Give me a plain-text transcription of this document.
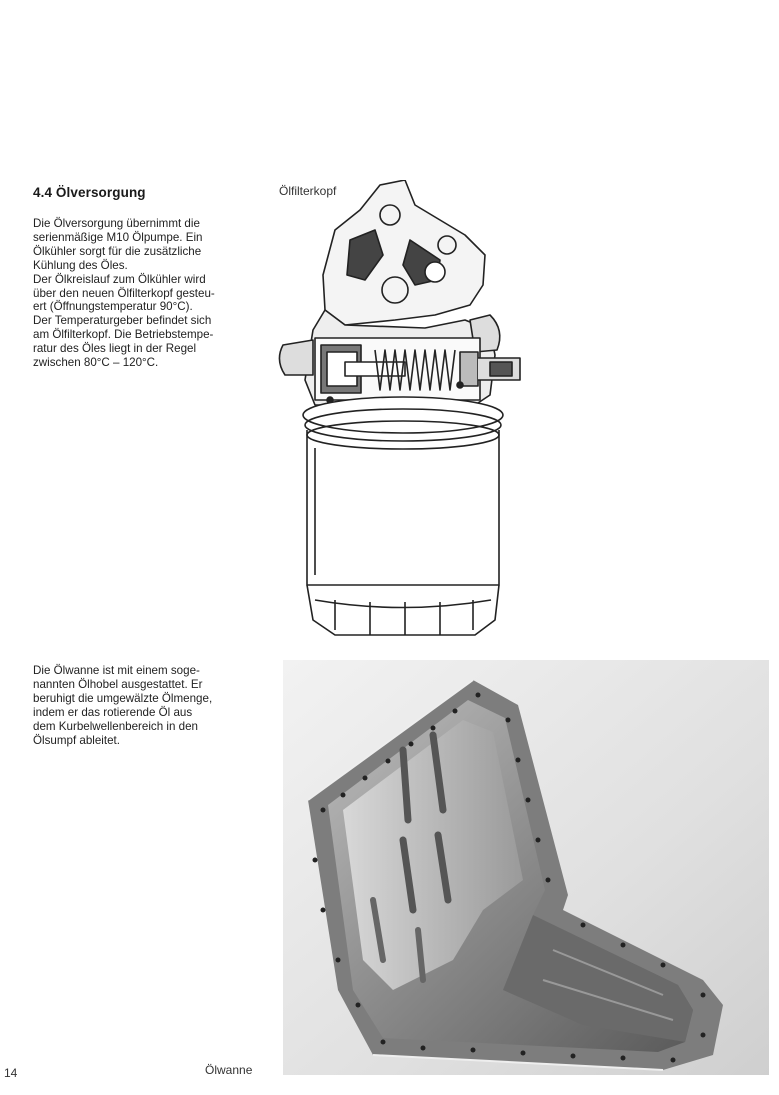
4.4 Ölversorgung
Die Ölversorgung übernimmt die
serienmäßige M10 Ölpumpe. Ein
Ölkühler sorgt für die zusätzliche
Kühlung des Öles.
Der Ölkreislauf zum Ölkühler wird
über den neuen Ölfilterkopf gesteu-
ert (Öffnungstemperatur 90°C).
Der Temperaturgeber befindet sich
am Ölfilterkopf. Die Betriebstempe-
ratur des Öles liegt in der Regel
zwischen 80°C – 120°C.
Ölfilterkopf
Die Ölwanne ist mit einem soge-
nannten Ölhobel ausgestattet. Er
beruhigt die umgewälzte Ölmenge,
indem er das rotierende Öl aus
dem Kurbelwellenbereich in den
Ölsumpf ableitet.
14	Ölwanne
